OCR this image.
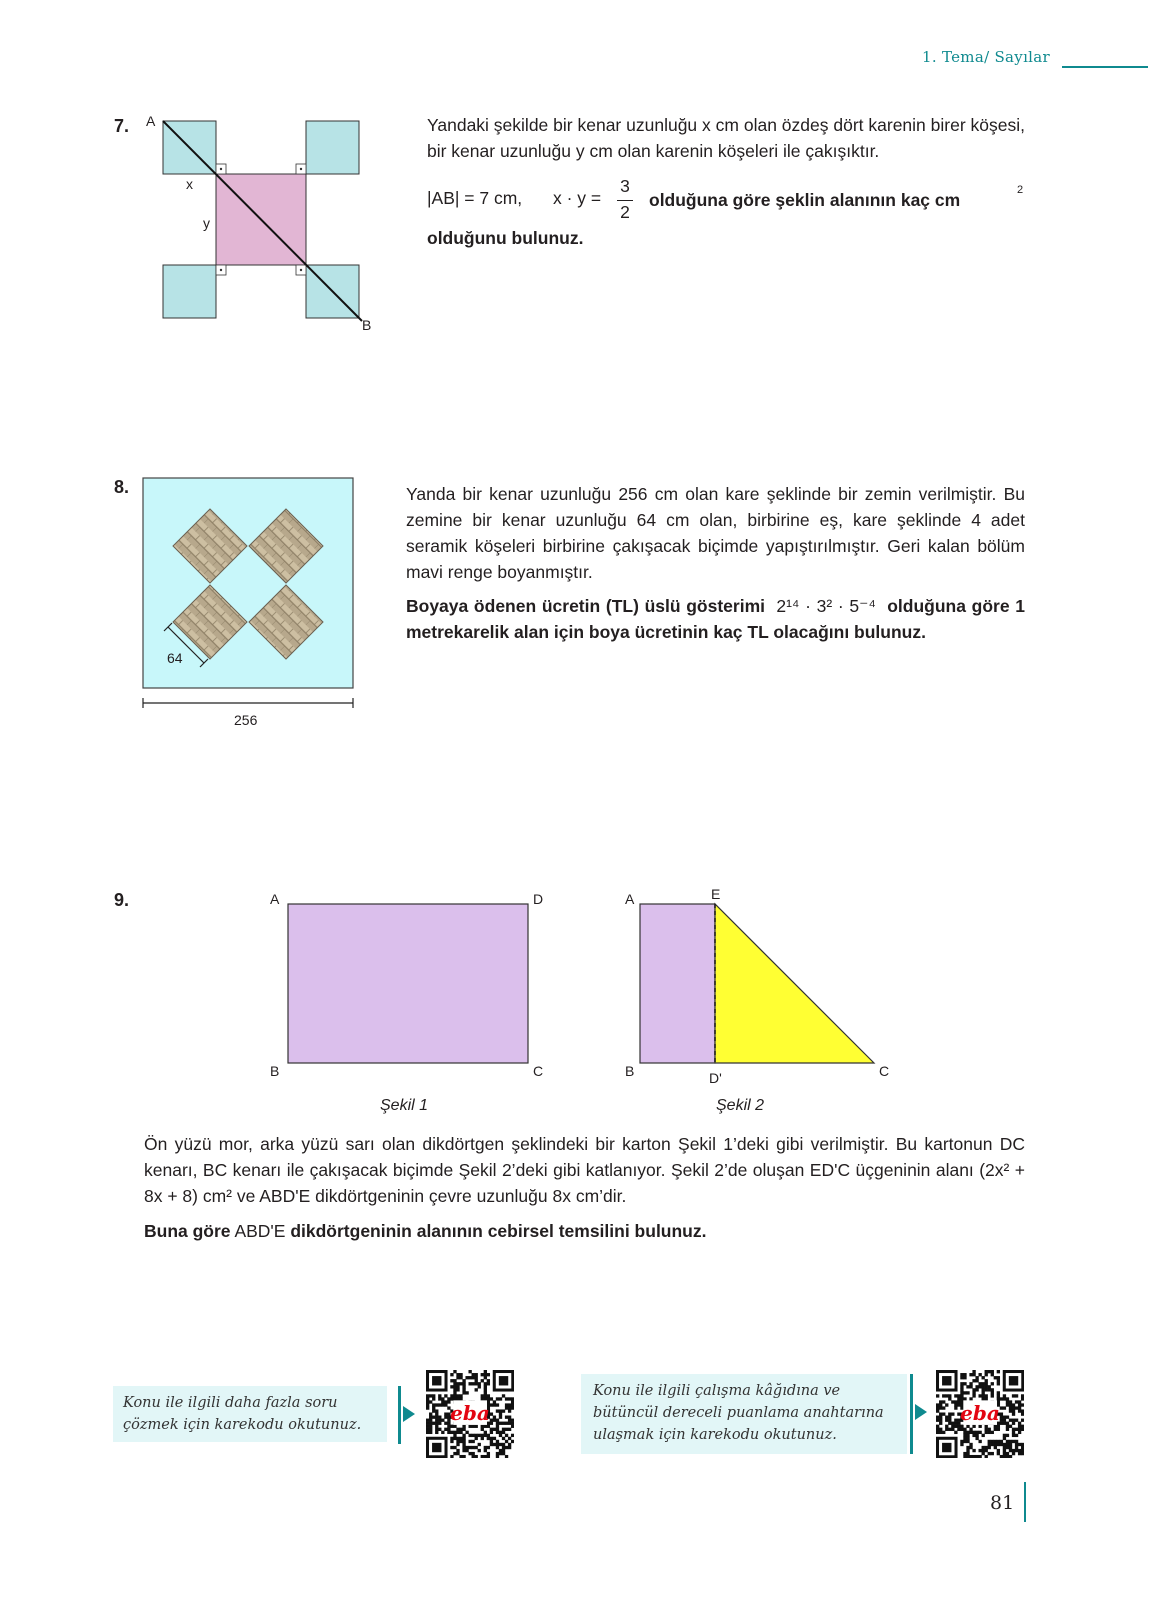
1. Tema/ Sayılar
7. A
B
x
y
Yandaki şekilde bir kenar uzunluğu x cm olan özdeş dört karenin birer köşesi, bir kenar uzunluğu y cm olan karenin köşeleri ile çakışıktır.
|AB| = 7 cm, x · y =
3
2
olduğuna göre şeklin alanının kaç cm	2
olduğunu bulunuz.
8.
64
256
Yanda bir kenar uzunluğu 256 cm olan kare şeklinde bir zemin verilmiştir. Bu zemine bir kenar uzunluğu 64 cm olan, birbirine eş, kare şeklinde 4 adet seramik köşeleri birbirine çakışacak biçimde yapıştırılmıştır. Geri kalan bölüm mavi renge boyanmıştır.
Boyaya ödenen ücretin (TL) üslü gösterimi 2¹⁴ · 3² · 5⁻⁴ olduğuna göre 1 metrekarelik alan için boya ücretinin kaç TL olacağını bulunuz.
9.	A	D
B	C
Şekil 1
A	E
B	D'	C
Şekil 2
Ön yüzü mor, arka yüzü sarı olan dikdörtgen şeklindeki bir karton Şekil 1’deki gibi verilmiştir. Bu kartonun DC kenarı, BC kenarı ile çakışacak biçimde Şekil 2’deki gibi katlanıyor. Şekil 2’de oluşan ED'C üçgeninin alanı (2x² + 8x + 8) cm² ve ABD'E dikdörtgeninin çevre uzunluğu 8x cm’dir.
Buna göre ABD'E dikdörtgeninin alanının cebirsel temsilini bulunuz.
Konu ile ilgili daha fazla soru çözmek için karekodu okutunuz.	eba
Konu ile ilgili çalışma kâğıdına ve bütüncül dereceli puanlama anahtarına ulaşmak için karekodu okutunuz.
eba
81
